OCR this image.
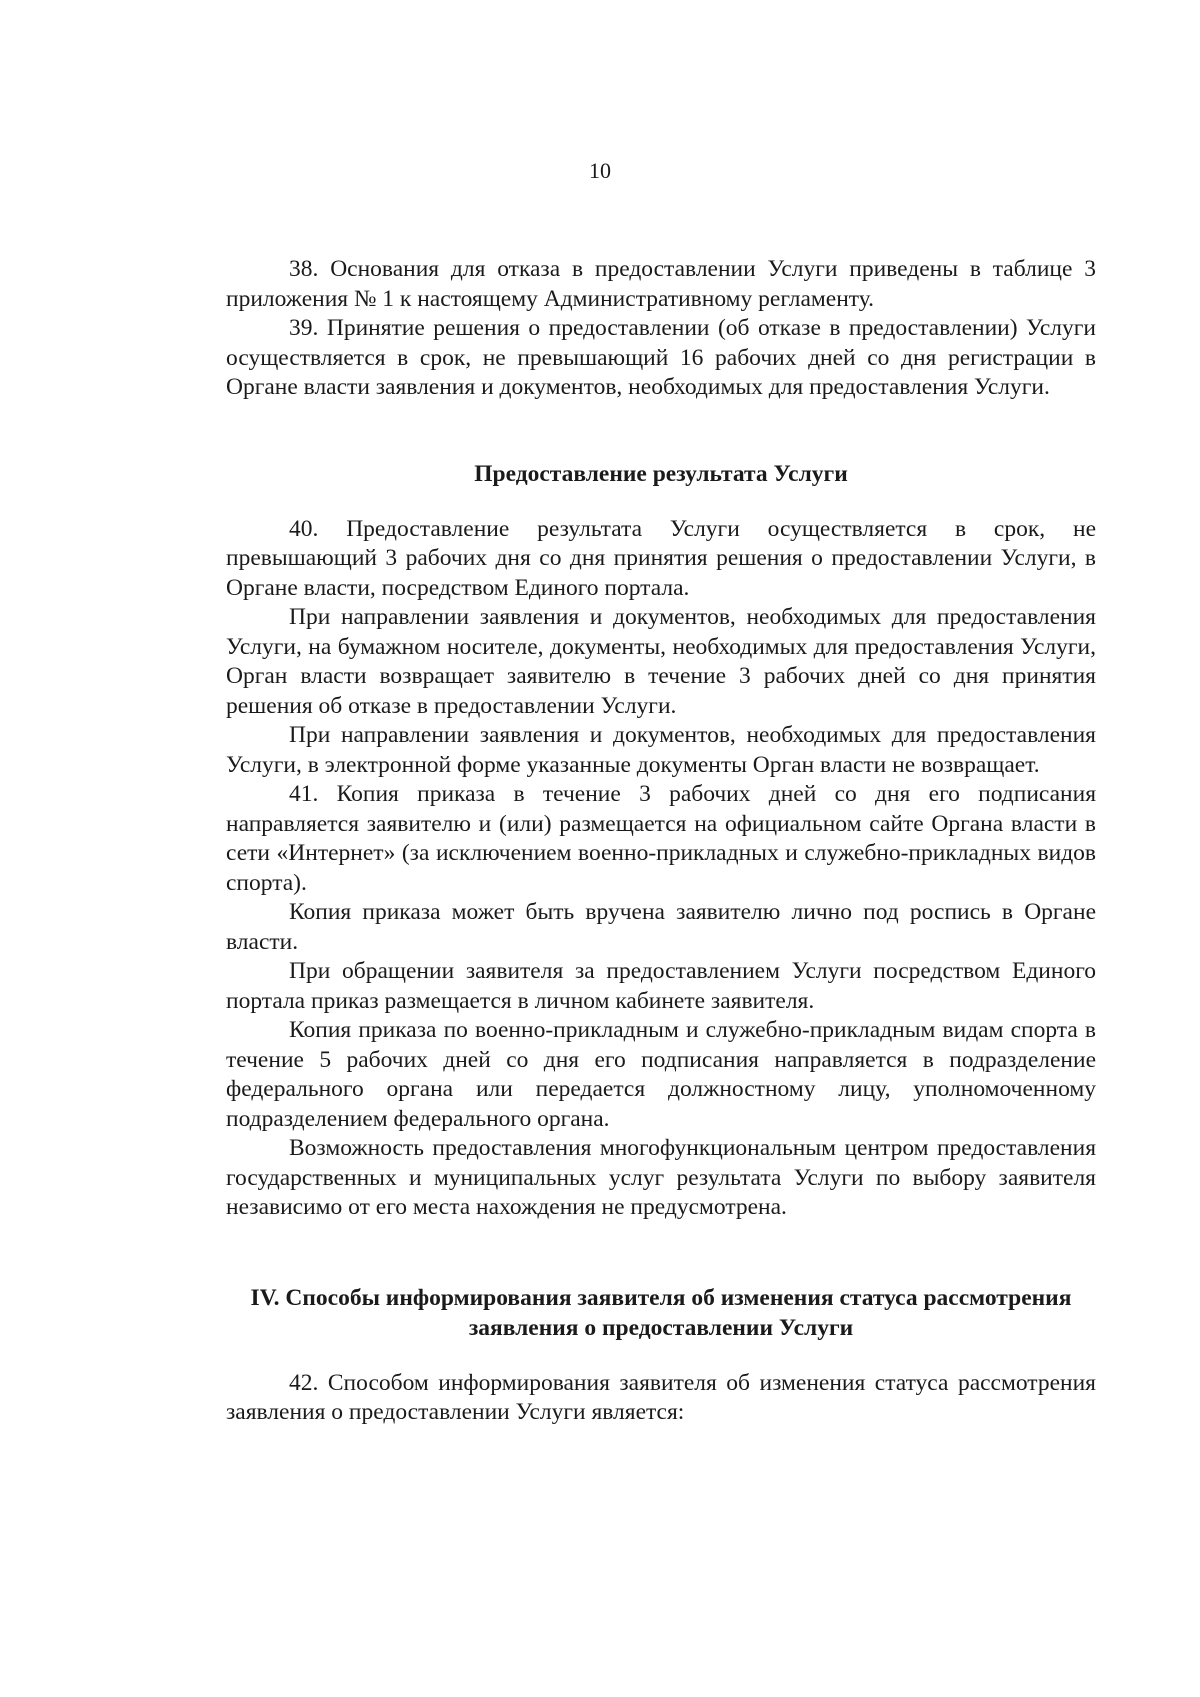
10

38. Основания для отказа в предоставлении Услуги приведены в таблице 3 приложения № 1 к настоящему Административному регламенту.

39. Принятие решения о предоставлении (об отказе в предоставлении) Услуги осуществляется в срок, не превышающий 16 рабочих дней со дня регистрации в Органе власти заявления и документов, необходимых для предоставления Услуги.

Предоставление результата Услуги

40. Предоставление результата Услуги осуществляется в срок, не превышающий 3 рабочих дня со дня принятия решения о предоставлении Услуги, в Органе власти, посредством Единого портала.

При направлении заявления и документов, необходимых для предоставления Услуги, на бумажном носителе, документы, необходимых для предоставления Услуги, Орган власти возвращает заявителю в течение 3 рабочих дней со дня принятия решения об отказе в предоставлении Услуги.

При направлении заявления и документов, необходимых для предоставления Услуги, в электронной форме указанные документы Орган власти не возвращает.

41. Копия приказа в течение 3 рабочих дней со дня его подписания направляется заявителю и (или) размещается на официальном сайте Органа власти в сети «Интернет» (за исключением военно-прикладных и служебно-прикладных видов спорта).

Копия приказа может быть вручена заявителю лично под роспись в Органе власти.

При обращении заявителя за предоставлением Услуги посредством Единого портала приказ размещается в личном кабинете заявителя.

Копия приказа по военно-прикладным и служебно-прикладным видам спорта в течение 5 рабочих дней со дня его подписания направляется в подразделение федерального органа или передается должностному лицу, уполномоченному подразделением федерального органа.

Возможность предоставления многофункциональным центром предоставления государственных и муниципальных услуг результата Услуги по выбору заявителя независимо от его места нахождения не предусмотрена.

IV. Способы информирования заявителя об изменения статуса рассмотрения заявления о предоставлении Услуги

42. Способом информирования заявителя об изменения статуса рассмотрения заявления о предоставлении Услуги является:
